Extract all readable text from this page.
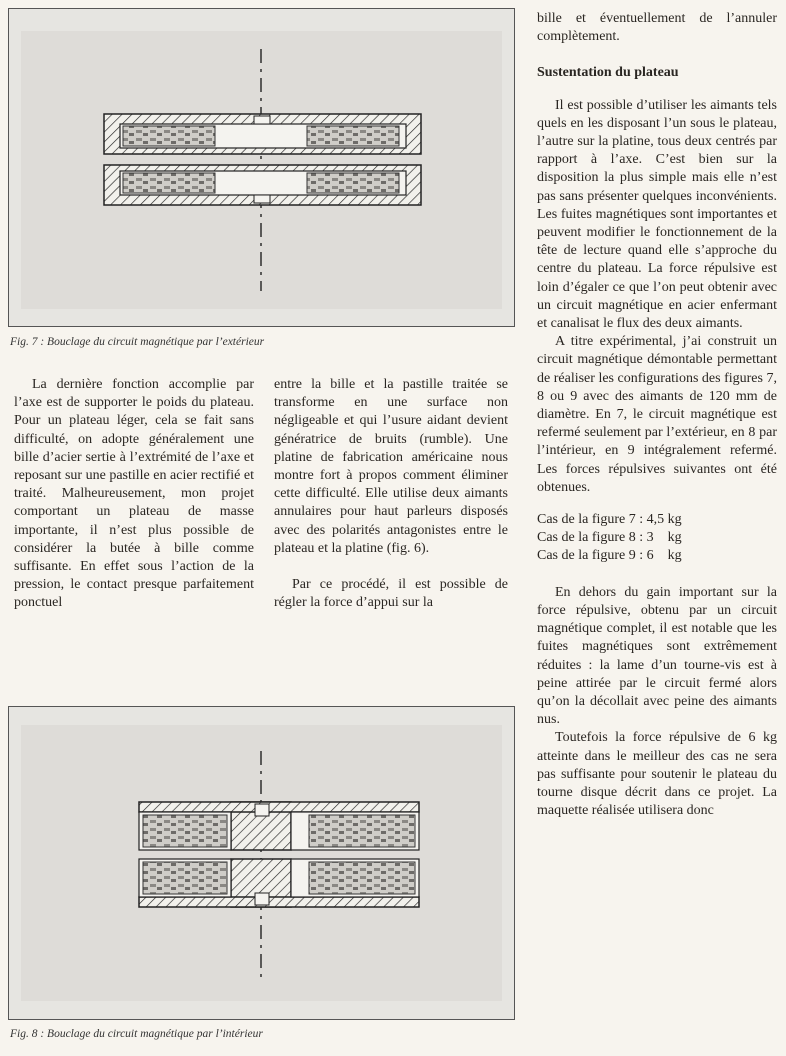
Fig. 7 : Bouclage du circuit magnétique par l’extérieur
Fig. 8 : Bouclage du circuit magnétique par l’intérieur

La dernière fonction accomplie par l’axe est de supporter le poids du plateau. Pour un plateau léger, cela se fait sans difficulté, on adopte généralement une bille d’acier sertie à l’extrémité de l’axe et reposant sur une pastille en acier rectifié et traité. Malheureusement, mon projet comportant un plateau de masse importante, il n’est plus possible de considérer la butée à bille comme suffisante. En effet sous l’action de la pression, le contact presque parfaitement ponctuel

entre la bille et la pastille traitée se transforme en une surface non négligeable et qui l’usure aidant devient génératrice de bruits (rumble). Une platine de fabrication américaine nous montre fort à propos comment éliminer cette difficulté. Elle utilise deux aimants annulaires pour haut parleurs disposés avec des polarités antagonistes entre le plateau et la platine (fig. 6).

Par ce procédé, il est possible de régler la force d’appui sur la

bille et éventuellement de l’annuler complètement.

Sustentation du plateau

Il est possible d’utiliser les aimants tels quels en les disposant l’un sous le plateau, l’autre sur la platine, tous deux centrés par rapport à l’axe. C’est bien sur la disposition la plus simple mais elle n’est pas sans présenter quelques inconvénients. Les fuites magnétiques sont importantes et peuvent modifier le fonctionnement de la tête de lecture quand elle s’approche du centre du plateau. La force répulsive est loin d’égaler ce que l’on peut obtenir avec un circuit magnétique en acier enfermant et canalisat le flux des deux aimants.

A titre expérimental, j’ai construit un circuit magnétique démontable permettant de réaliser les configurations des figures 7, 8 ou 9 avec des aimants de 120 mm de diamètre. En 7, le circuit magnétique est refermé seulement par l’extérieur, en 8 par l’intérieur, en 9 intégralement refermé. Les forces répulsives suivantes ont été obtenues.

Cas de la figure 7 : 4,5 kg
Cas de la figure 8 : 3    kg
Cas de la figure 9 : 6    kg

En dehors du gain important sur la force répulsive, obtenu par un circuit magnétique complet, il est notable que les fuites magnétiques sont extrêmement réduites : la lame d’un tourne-vis est à peine attirée par le circuit fermé alors qu’on la décollait avec peine des aimants nus.

Toutefois la force répulsive de 6 kg atteinte dans le meilleur des cas ne sera pas suffisante pour soutenir le plateau du tourne disque décrit dans ce projet. La maquette réalisée utilisera donc
